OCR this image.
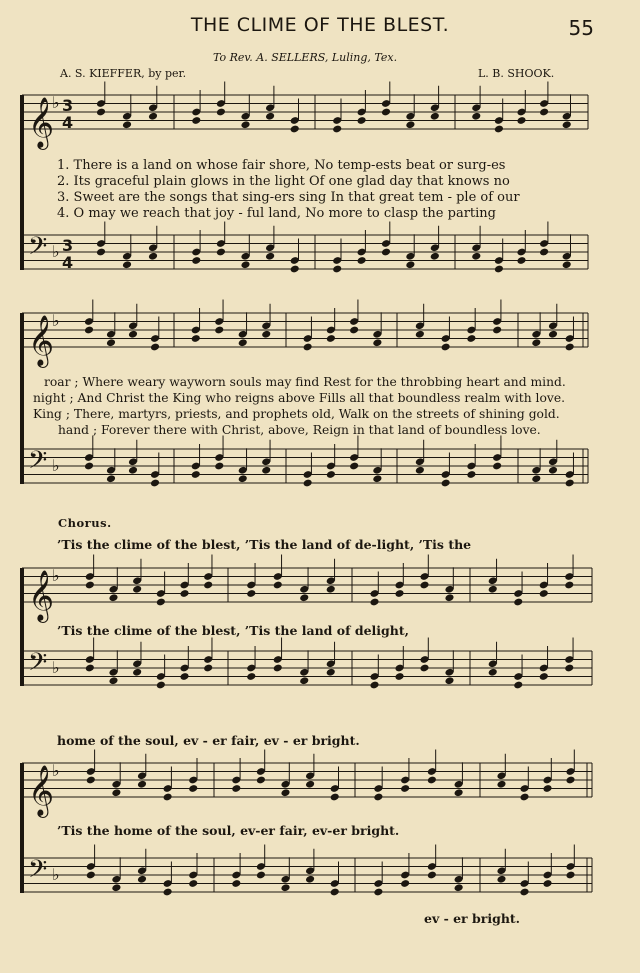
THE CLIME OF THE BLEST.	55
To Rev. A. SELLERS, Luling, Tex.
A. S. KIEFFER, by per.	L. B. SHOOK.
𝄞
♭ 3
4
𝄢 ♭ 3
4
𝄞
♭
𝄢 ♭
𝄞
♭
𝄢 ♭
𝄞
♭
𝄢 ♭
1. There is a land on whose fair shore, No temp-ests beat or surg-es
2. Its graceful plain glows in the light Of one glad day that knows no
3. Sweet are the songs that sing-ers sing In that great tem - ple of our
4. O may we reach that joy - ful land, No more to clasp the parting
roar ; Where weary wayworn souls may find Rest for the throbbing heart and mind.
night ; And Christ the King who reigns above Fills all that boundless realm with love.
King ; There, martyrs, priests, and prophets old, Walk on the streets of shining gold.
hand ; Forever there with Christ, above, Reign in that land of boundless love.
Chorus.
’Tis the clime of the blest, ’Tis the land of de-light, ’Tis the
’Tis the clime of the blest, ’Tis the land of delight,
home of the soul, ev - er fair, ev - er bright.
’Tis the home of the soul, ev-er fair, ev-er bright.
ev - er bright.
